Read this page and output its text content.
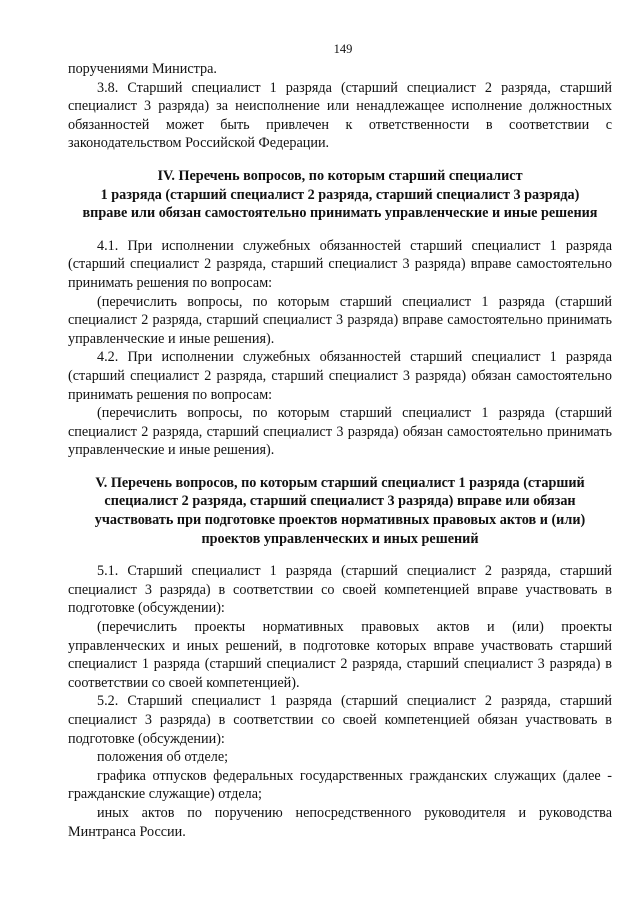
149

поручениями Министра.

3.8. Старший специалист 1 разряда (старший специалист 2 разряда, старший специалист 3 разряда) за неисполнение или ненадлежащее исполнение должностных обязанностей может быть привлечен к ответственности в соответствии с законодательством Российской Федерации.

IV. Перечень вопросов, по которым старший специалист
1 разряда (старший специалист 2 разряда, старший специалист 3 разряда)
вправе или обязан самостоятельно принимать управленческие и иные решения

4.1. При исполнении служебных обязанностей старший специалист 1 разряда (старший специалист 2 разряда, старший специалист 3 разряда) вправе самостоятельно принимать решения по вопросам:

(перечислить вопросы, по которым старший специалист 1 разряда (старший специалист 2 разряда, старший специалист 3 разряда) вправе самостоятельно принимать управленческие и иные решения).

4.2. При исполнении служебных обязанностей старший специалист 1 разряда (старший специалист 2 разряда, старший специалист 3 разряда) обязан самостоятельно принимать решения по вопросам:

(перечислить вопросы, по которым старший специалист 1 разряда (старший специалист 2 разряда, старший специалист 3 разряда) обязан самостоятельно принимать управленческие и иные решения).

V. Перечень вопросов, по которым старший специалист 1 разряда (старший
специалист 2 разряда, старший специалист 3 разряда) вправе или обязан
участвовать при подготовке проектов нормативных правовых актов и (или)
проектов управленческих и иных решений

5.1. Старший специалист 1 разряда (старший специалист 2 разряда, старший специалист 3 разряда) в соответствии со своей компетенцией вправе участвовать в подготовке (обсуждении):

(перечислить проекты нормативных правовых актов и (или) проекты управленческих и иных решений, в подготовке которых вправе участвовать старший специалист 1 разряда (старший специалист 2 разряда, старший специалист 3 разряда) в соответствии со своей компетенцией).

5.2. Старший специалист 1 разряда (старший специалист 2 разряда, старший специалист 3 разряда) в соответствии со своей компетенцией обязан участвовать в подготовке (обсуждении):

положения об отделе;

графика отпусков федеральных государственных гражданских служащих (далее - гражданские служащие) отдела;

иных актов по поручению непосредственного руководителя и руководства Минтранса России.
